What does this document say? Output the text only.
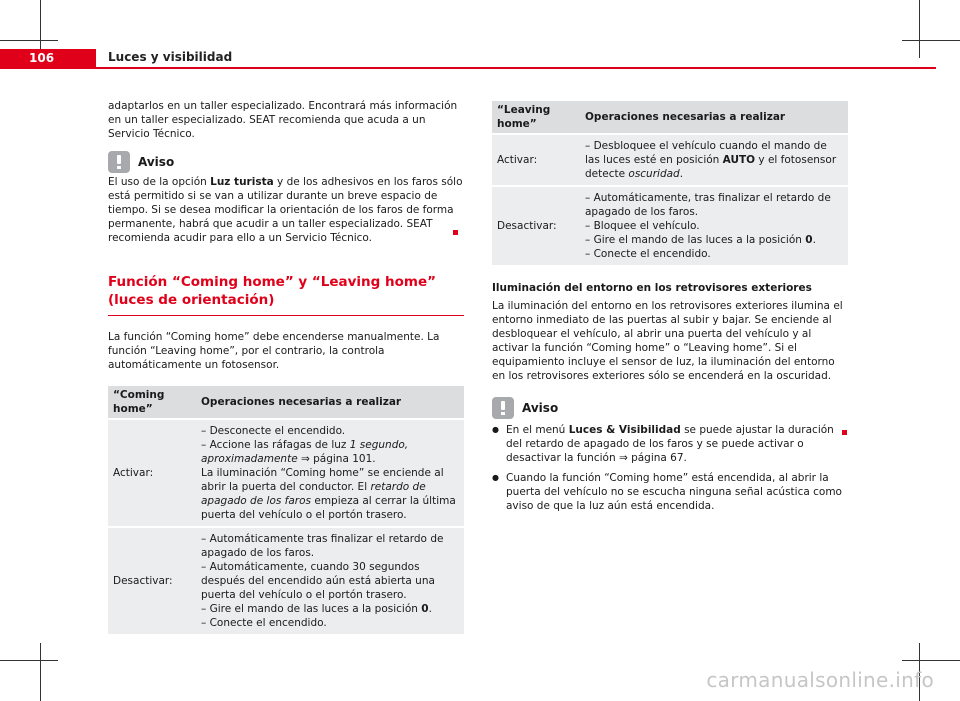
106	Luces y visibilidad

adaptarlos en un taller especializado. Encontrará más información en un taller especializado. SEAT recomienda que acuda a un Servicio Técnico.

Aviso

El uso de la opción Luz turista y de los adhesivos en los faros sólo está permitido si se van a utilizar durante un breve espacio de tiempo. Si se desea modificar la orientación de los faros de forma permanente, habrá que acudir a un taller especializado. SEAT recomienda acudir para ello a un Servicio Técnico.

Función “Coming home” y “Leaving home” (luces de orientación)

La función “Coming home” debe encenderse manualmente. La función “Leaving home”, por el contrario, la controla automáticamente un fotosensor.

“Coming home”	Operaciones necesarias a realizar
Activar:	– Desconecte el encendido.
– Accione las ráfagas de luz 1 segundo, aproximadamente ⇒ página 101.
La iluminación “Coming home” se enciende al abrir la puerta del conductor. El retardo de apagado de los faros empieza al cerrar la última puerta del vehículo o el portón trasero.

Desactivar:	– Automáticamente tras finalizar el retardo de apagado de los faros.
– Automáticamente, cuando 30 segundos después del encendido aún está abierta una puerta del vehículo o el portón trasero.
– Gire el mando de las luces a la posición 0.
– Conecte el encendido.
“Leaving home”	Operaciones necesarias a realizar
Activar:	– Desbloquee el vehículo cuando el mando de las luces esté en posición AUTO y el fotosensor detecte oscuridad.
Desactivar:	– Automáticamente, tras finalizar el retardo de apagado de los faros.
– Bloquee el vehículo.
– Gire el mando de las luces a la posición 0.
– Conecte el encendido.
Iluminación del entorno en los retrovisores exteriores

La iluminación del entorno en los retrovisores exteriores ilumina el entorno inmediato de las puertas al subir y bajar. Se enciende al desbloquear el vehículo, al abrir una puerta del vehículo y al activar la función “Coming home” o “Leaving home”. Si el equipamiento incluye el sensor de luz, la iluminación del entorno en los retrovisores exteriores sólo se encenderá en la oscuridad.

Aviso
● En el menú Luces & Visibilidad se puede ajustar la duración del retardo de apagado de los faros y se puede activar o desactivar la función ⇒ página 67.
● Cuando la función “Coming home” está encendida, al abrir la puerta del vehículo no se escucha ninguna señal acústica como aviso de que la luz aún está encendida.
carmanualsonline.info
